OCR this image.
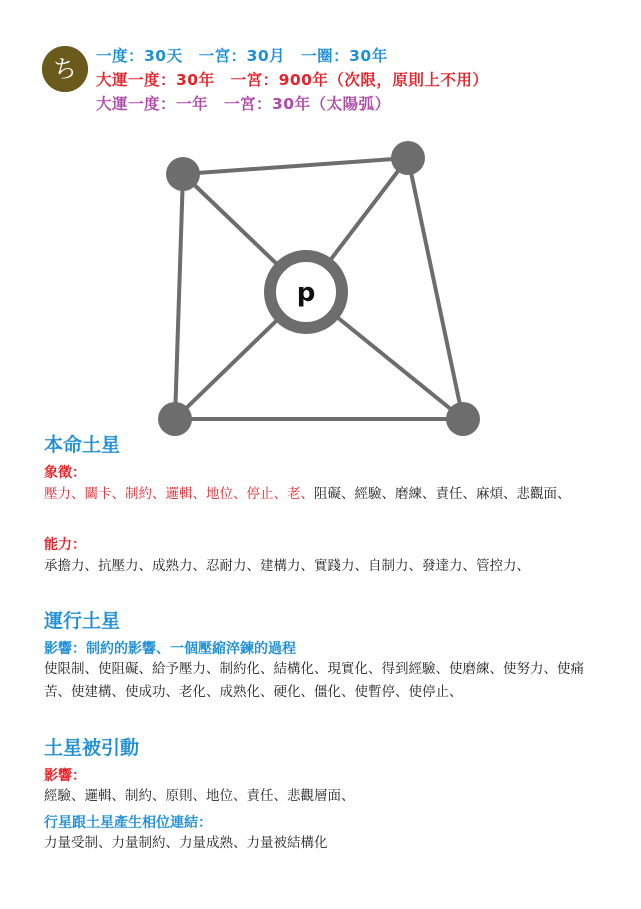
ち 一度：30天　一宮：30月　一圈：30年
大運一度：30年　一宮：900年（次限，原則上不用）
大運一度：一年　一宮：30年（太陽弧）
p
本命土星
象徵：
壓力、關卡、制約、邏輯、地位、停止、老、阻礙、經驗、磨練、責任、麻煩、悲觀面、
能力：
承擔力、抗壓力、成熟力、忍耐力、建構力、實踐力、自制力、發達力、管控力、
運行土星
影響：制約的影響、一個壓縮淬鍊的過程
使限制、使阻礙、給予壓力、制約化、結構化、現實化、得到經驗、使磨練、使努力、使痛苦、使建構、使成功、老化、成熟化、硬化、僵化、使暫停、使停止、
土星被引動
影響：
經驗、邏輯、制約、原則、地位、責任、悲觀層面、
行星跟土星產生相位連結：
力量受制、力量制約、力量成熟、力量被結構化
